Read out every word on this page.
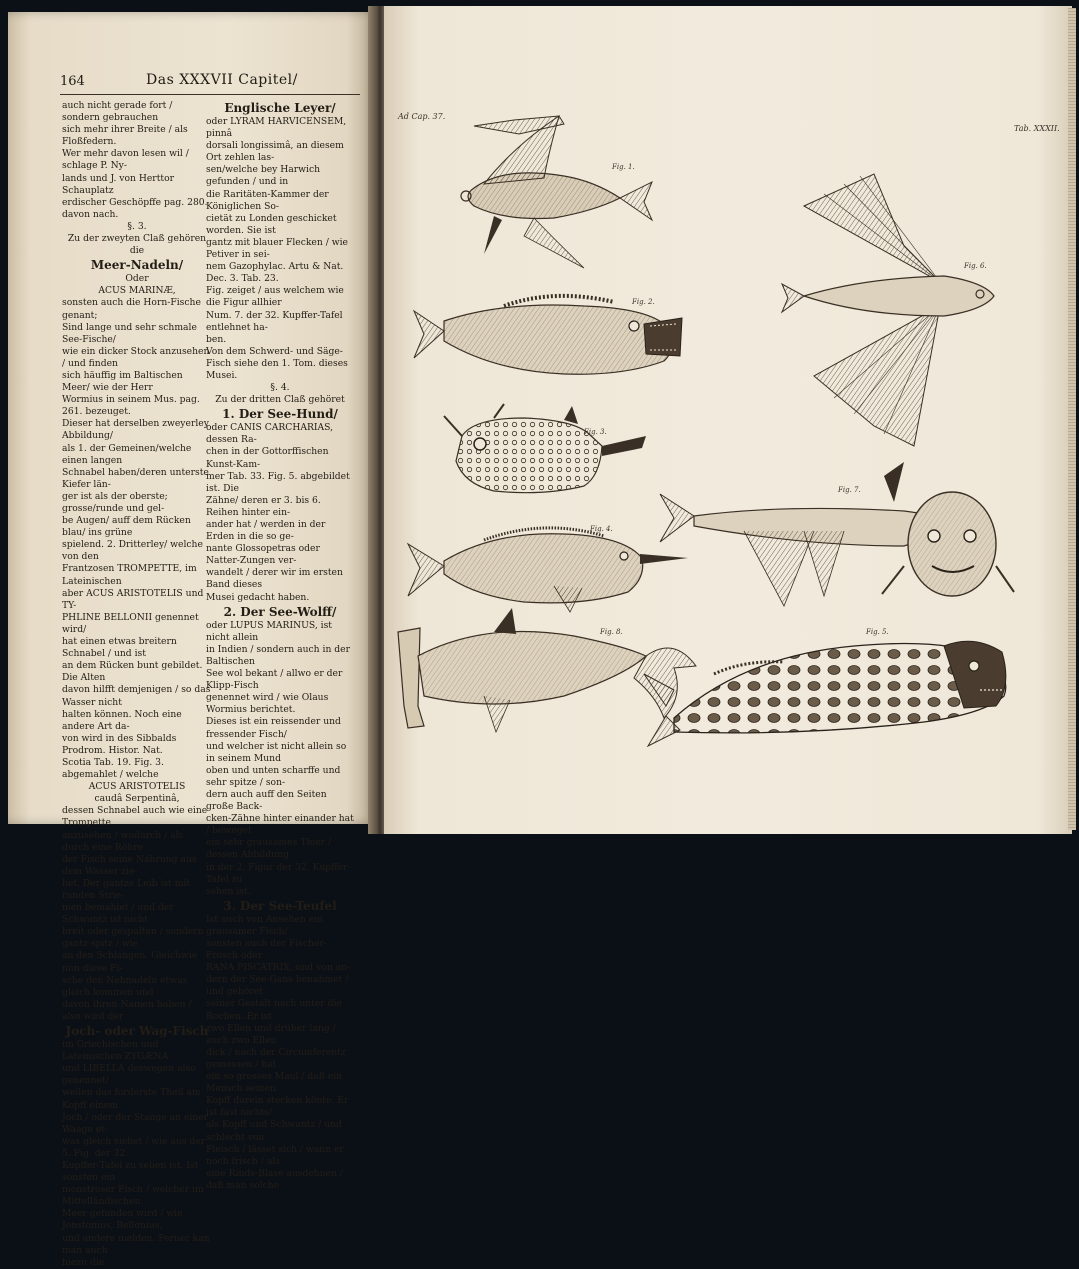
164	Das XXXVII Capitel/

auch nicht gerade fort / sondern gebrauchen
sich mehr ihrer Breite / als Floßfedern.
Wer mehr davon lesen wil / schlage P. Ny-
lands und J. von Herttor Schauplatz
erdischer Geschöpffe pag. 280. davon nach.

§. 3.

Zu der zweyten Claß gehören die

Meer-Nadeln/

Oder

ACUS MARINÆ,

sonsten auch die Horn-Fische genant;
Sind lange und sehr schmale See-Fische/
wie ein dicker Stock anzusehen / und finden
sich häuffig im Baltischen Meer/ wie der Herr
Wormius in seinem Mus. pag. 261. bezeuget.
Dieser hat derselben zweyerley Abbildung/
als 1. der Gemeinen/welche einen langen
Schnabel haben/deren unterste Kiefer län-
ger ist als der oberste; grosse/runde und gel-
be Augen/ auff dem Rücken blau/ ins grüne
spielend. 2. Dritterley/ welche von den
Frantzosen TROMPETTE, im Lateinischen
aber ACUS ARISTOTELIS und TY-
PHLINE BELLONII genennet wird/
hat einen etwas breitern Schnabel / und ist
an dem Rücken bunt gebildet. Die Alten
davon hilfft demjenigen / so das Wasser nicht
halten können. Noch eine andere Art da-
von wird in des Sibbalds Prodrom. Histor. Nat.
Scotia Tab. 19. Fig. 3. abgemahlet / welche

ACUS ARISTOTELIS
caudâ Serpentinâ,

dessen Schnabel auch wie eine Trompette
anzusehen / wodurch / als durch eine Röhre
der Fisch seine Nahrung aus dem Wasser zie-
het. Der gantze Leib ist mit runden Strie-
men bemahlet / und der Schwantz ist nicht
breit oder gespalten / sondern gantz spitz / wie
an den Schlangen. Gleichwie nun diese Fi-
sche den Nehnadeln etwas gleich kommen und
davon ihren Namen haben / also wird der

Joch- oder Wag-Fisch

im Griechischen und Lateinischen ZYGÆNA
und LIBELLA deswegen also genennet/
weilen das forderste Theil am Kopff einem
Joch / oder der Stange an einer Waage et-
was gleich siehet / wie aus der 5. Fig. der 32.
Kupffer-Tafel zu sehen ist. Ist sonsten ein
monstroser Fisch / welcher im Mittelländischen
Meer gefunden wird / wie Jonstonius, Bellonius,
und andere melden. Ferner kan man auch
hiezu die

Englische Leyer/

oder LYRAM HARVICENSEM, pinnâ
dorsali longissimâ, an diesem Ort zehlen las-
sen/welche bey Harwich gefunden / und in
die Raritäten-Kammer der Königlichen So-
cietät zu Londen geschicket worden. Sie ist
gantz mit blauer Flecken / wie Petiver in sei-
nem Gazophylac. Artu & Nat. Dec. 3. Tab. 23.
Fig. zeiget / aus welchem wie die Figur allhier
Num. 7. der 32. Kupffer-Tafel entlehnet ha-
ben.

Von dem Schwerd- und Säge-
Fisch siehe den 1. Tom. dieses Musei.

§. 4.

Zu der dritten Claß gehöret

1. Der See-Hund/

oder CANIS CARCHARIAS, dessen Ra-
chen in der Gottorffischen Kunst-Kam-
mer Tab. 33. Fig. 5. abgebildet ist. Die
Zähne/ deren er 3. bis 6. Reihen hinter ein-
ander hat / werden in der Erden in die so ge-
nante Glossopetras oder Natter-Zungen ver-
wandelt / derer wir im ersten Band dieses
Musei gedacht haben.

2. Der See-Wolff/

oder LUPUS MARINUS, ist nicht allein
in Indien / sondern auch in der Baltischen
See wol bekant / allwo er der Klipp-Fisch
genennet wird / wie Olaus Wormius berichtet.
Dieses ist ein reissender und fressender Fisch/
und welcher ist nicht allein so in seinem Mund
oben und unten scharffe und sehr spitze / son-
dern auch auff den Seiten große Back-
cken-Zähne hinter einander hat / beweget
ein sehr grausames Thier / dessen Abbildung
in der 2. Figur der 32. Kupffer-Tafel zu
sehen ist.

3. Der See-Teufel

Ist auch von Ansehen ein grausamer Fisch/
sonsten auch der Fischer-Frosch oder
RANA PISCATRIX, und von an-
dern der See-Gans benahmet / und gehöret
seiner Gestalt nach unter die Rochen. Er ist
zwo Ellen und drüber lang / auch zwo Ellen
dick / nach der Circumferentz gemessen / hat
ein so grosses Maul / daß ein Mensch seinen
Kopff darein stecken könte. Er ist fast nichts/
als Kopff und Schwantz / und schlecht von
Fleisch / lässet sich / wann er noch frisch / als
eine Rinds-Blase ausdehnen / daß man solche

Ad Cap. 37.
Tab. XXXII.
Fig. 1.
Fig. 2.
Fig. 3.
Fig. 4.
Fig. 8.
Fig. 6.
Fig. 7.
Fig. 5.
